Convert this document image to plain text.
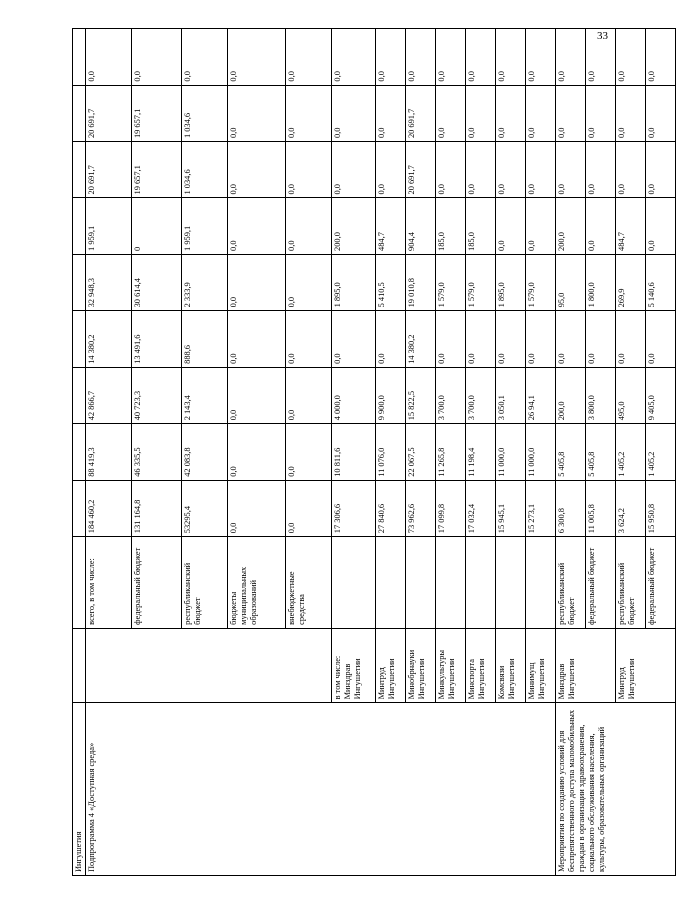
33
Ингушетия											
Подпрограмма 4 «Доступная среда»		всего, в том числе:	184 460,2	88 419,3	42 866,7	14 380,2	32 948,3	1 959,1	20 691,7	20 691,7	0,0
		федеральный бюджет	131 164,8	46 335,5	40 723,3	13 491,6	30 614,4	0	19 657,1	19 657,1	0,0
		республиканский бюджет	53295,4	42 083,8	2 143,4	888,6	2 333,9	1 959,1	1 034,6	1 034,6	0,0
		бюджеты муниципальных образований	0,0	0,0	0,0	0,0	0,0	0,0	0,0	0,0	0,0
		внебюджетные средства	0,0	0,0	0,0	0,0	0,0	0,0	0,0	0,0	0,0
	в том числе: Минздрав Ингушетии		17 306,6	10 811,6	4 000,0	0,0	1 895,0	200,0	0,0	0,0	0,0
	Минтруд Ингушетии		27 840,6	11 076,0	9 900,0	0,0	5 410,5	484,7	0,0	0,0	0,0
	Минобрнауки Ингушетии		73 962,6	22 067,5	15 822,5	14 380,2	19 010,8	904,4	20 691,7	20 691,7	0,0
	Минкультуры Ингушетии		17 099,8	11 265,8	3 700,0	0,0	1 579,0	185,0	0,0	0,0	0,0
	Минспорта Ингушетии		17 032,4	11 198,4	3 700,0	0,0	1 579,0	185,0	0,0	0,0	0,0
	Комсвязи Ингушетии		15 945,1	11 000,0	3 050,1	0,0	1 895,0	0,0	0,0	0,0	0,0
	Минимущ Ингушетии		15 273,1	11 000,0	26 94,1	0,0	1 579,0	0,0	0,0	0,0	0,0
Мероприятия по созданию условий для беспрепятственного доступа маломобильных граждан в организации здравоохранения, социального обслуживания населения, культуры, образовательных организаций	Минздрав Ингушетии	республиканский бюджет	6 300,8	5 405,8	200,0	0,0	95,0	200,0	0,0	0,0	0,0
		федеральный бюджет	11 005,8	5 405,8	3 800,0	0,0	1 800,0	0,0	0,0	0,0	0,0
	Минтруд Ингушетии	республиканский бюджет	3 624,2	1 405,2	495,0	0,0	269,9	484,7	0,0	0,0	0,0
		федеральный бюджет	15 950,8	1 405,2	9 405,0	0,0	5 140,6	0,0	0,0	0,0	0,0
